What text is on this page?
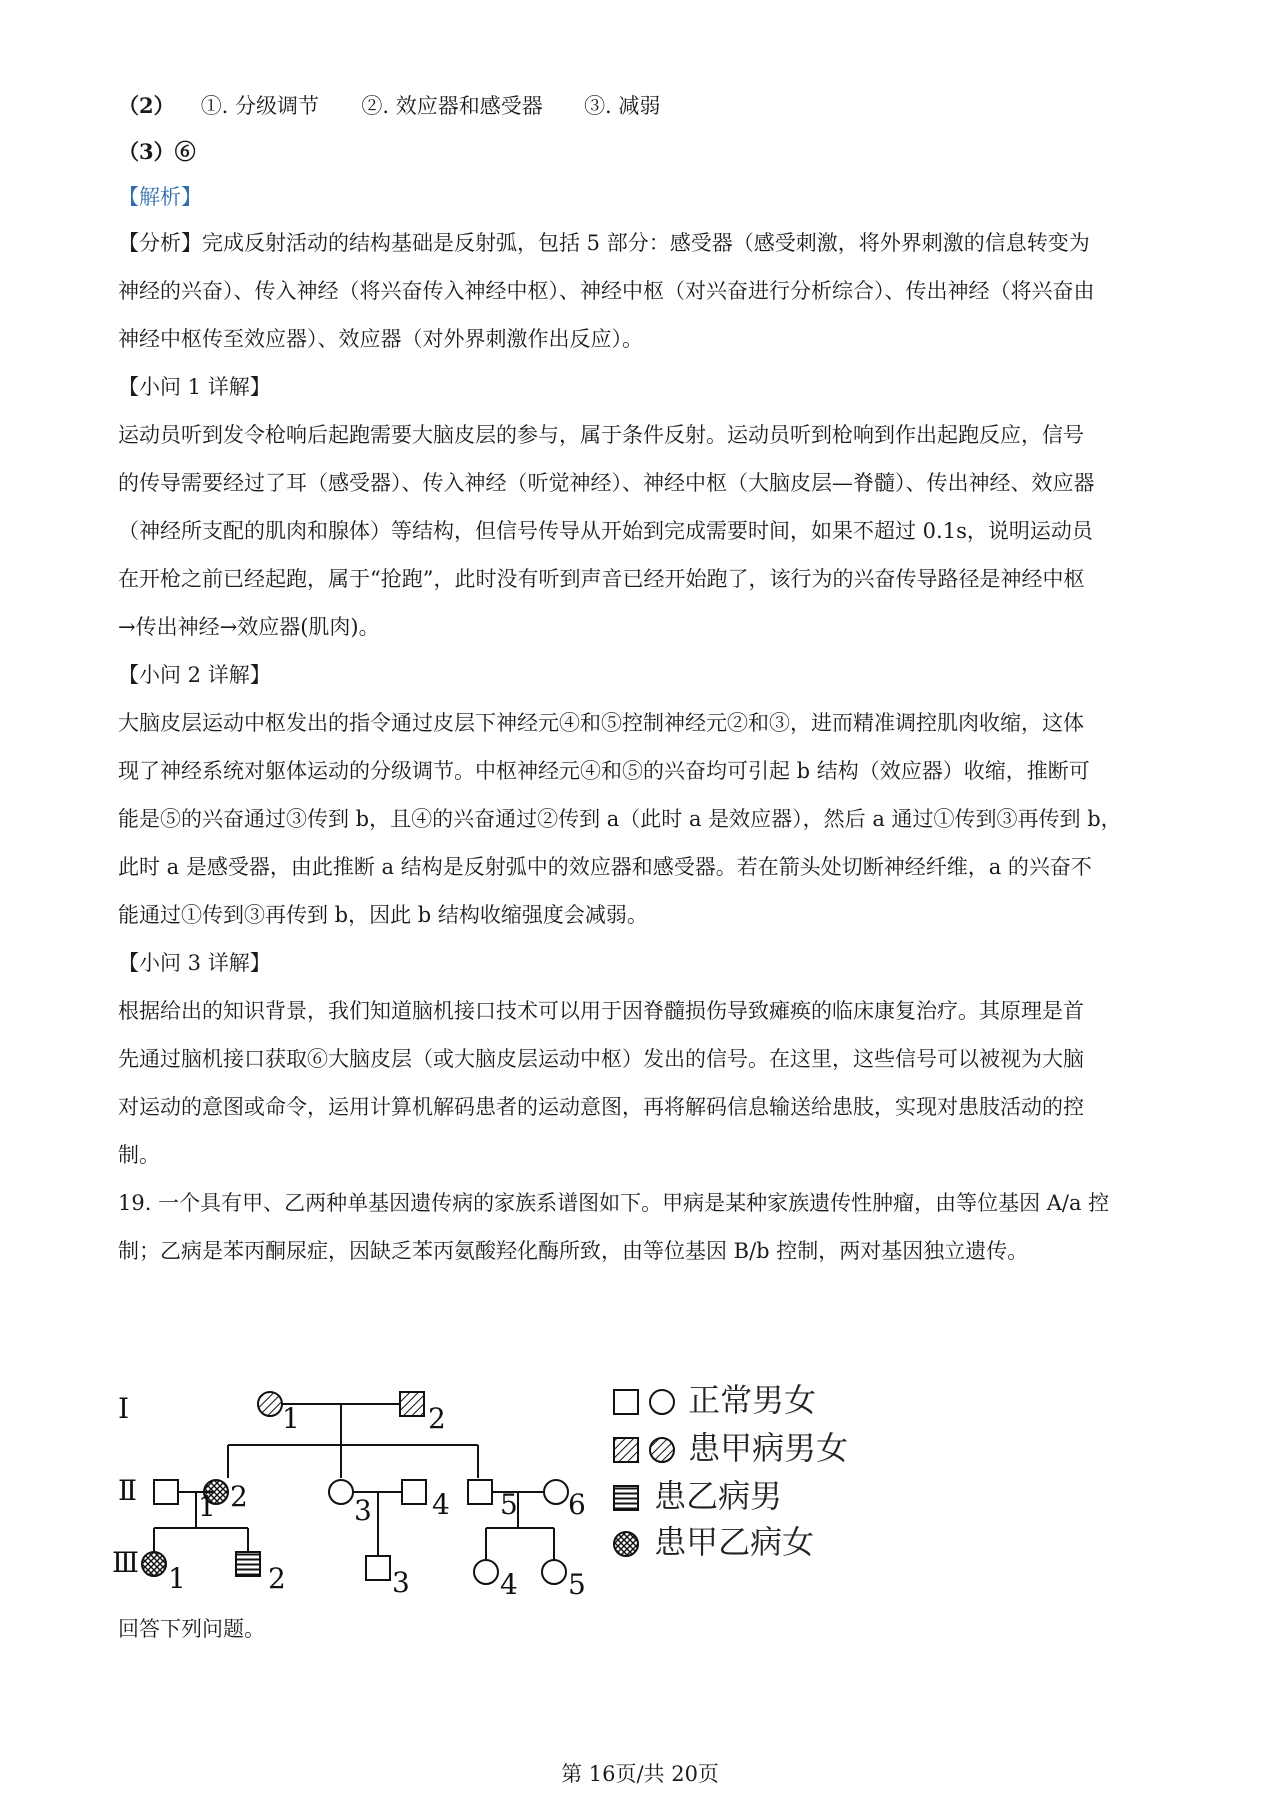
（2） ①. 分级调节 ②. 效应器和感受器 ③. 减弱
（3）⑥
【解析】
【分析】完成反射活动的结构基础是反射弧，包括 5 部分：感受器（感受刺激，将外界刺激的信息转变为
神经的兴奋）、传入神经（将兴奋传入神经中枢）、神经中枢（对兴奋进行分析综合）、传出神经（将兴奋由
神经中枢传至效应器）、效应器（对外界刺激作出反应）。
【小问 1 详解】
运动员听到发令枪响后起跑需要大脑皮层的参与，属于条件反射。运动员听到枪响到作出起跑反应，信号
的传导需要经过了耳（感受器）、传入神经（听觉神经）、神经中枢（大脑皮层—脊髓）、传出神经、效应器
（神经所支配的肌肉和腺体）等结构，但信号传导从开始到完成需要时间，如果不超过 0.1s，说明运动员
在开枪之前已经起跑，属于“抢跑”，此时没有听到声音已经开始跑了，该行为的兴奋传导路径是神经中枢
→传出神经→效应器(肌肉)。
【小问 2 详解】
大脑皮层运动中枢发出的指令通过皮层下神经元④和⑤控制神经元②和③，进而精准调控肌肉收缩，这体
现了神经系统对躯体运动的分级调节。中枢神经元④和⑤的兴奋均可引起 b 结构（效应器）收缩，推断可
能是⑤的兴奋通过③传到 b，且④的兴奋通过②传到 a（此时 a 是效应器），然后 a 通过①传到③再传到 b，
此时 a 是感受器，由此推断 a 结构是反射弧中的效应器和感受器。若在箭头处切断神经纤维，a 的兴奋不
能通过①传到③再传到 b，因此 b 结构收缩强度会减弱。
【小问 3 详解】
根据给出的知识背景，我们知道脑机接口技术可以用于因脊髓损伤导致瘫痪的临床康复治疗。其原理是首
先通过脑机接口获取⑥大脑皮层（或大脑皮层运动中枢）发出的信号。在这里，这些信号可以被视为大脑
对运动的意图或命令，运用计算机解码患者的运动意图，再将解码信息输送给患肢，实现对患肢活动的控
制。
19. 一个具有甲、乙两种单基因遗传病的家族系谱图如下。甲病是某种家族遗传性肿瘤，由等位基因 A/a 控
制；乙病是苯丙酮尿症，因缺乏苯丙氨酸羟化酶所致，由等位基因 B/b 控制，两对基因独立遗传。
I
Ⅱ
Ⅲ
1	2
1 2	3 4 5 6
1	2	3	4 5
正常男女
患甲病男女
患乙病男
患甲乙病女
回答下列问题。
第 16页/共 20页
